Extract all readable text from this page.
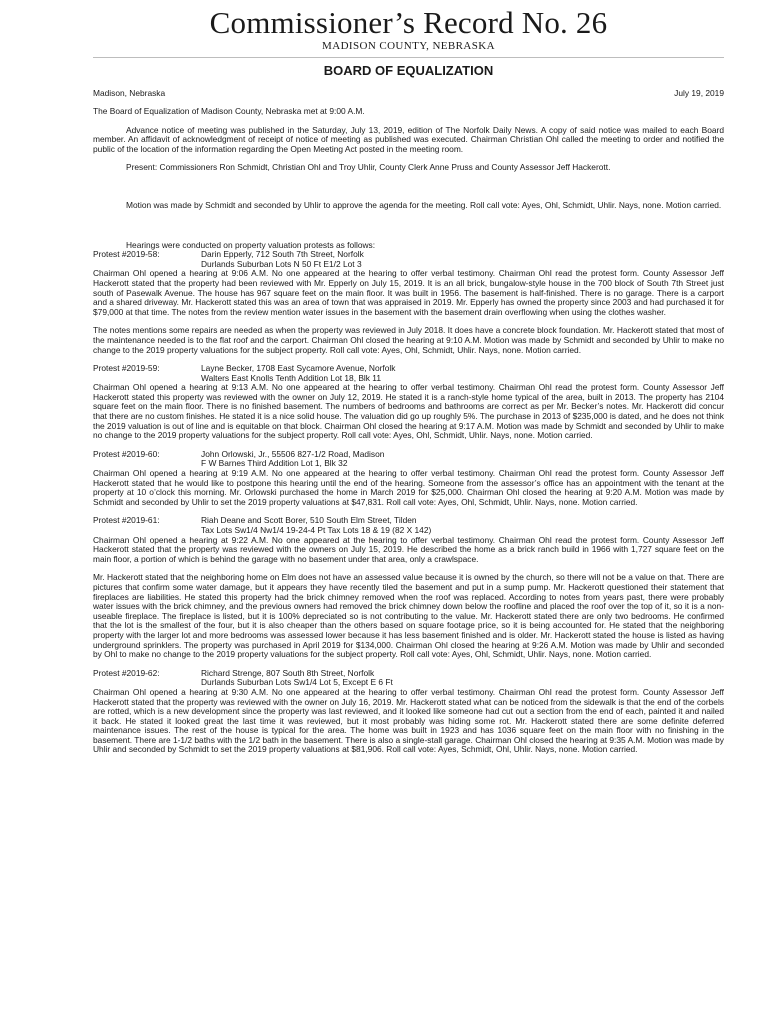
Commissioner’s Record No. 26
MADISON COUNTY, NEBRASKA
BOARD OF EQUALIZATION
Madison, Nebraska	July 19, 2019

The Board of Equalization of Madison County, Nebraska met at 9:00 A.M.

Advance notice of meeting was published in the Saturday, July 13, 2019, edition of The Norfolk Daily News. A copy of said notice was mailed to each Board member. An affidavit of acknowledgment of receipt of notice of meeting as published was executed. Chairman Christian Ohl called the meeting to order and notified the public of the location of the information regarding the Open Meeting Act posted in the meeting room.

Present: Commissioners Ron Schmidt, Christian Ohl and Troy Uhlir, County Clerk Anne Pruss and County Assessor Jeff Hackerott.

Motion was made by Schmidt and seconded by Uhlir to approve the agenda for the meeting. Roll call vote: Ayes, Ohl, Schmidt, Uhlir. Nays, none. Motion carried.

Hearings were conducted on property valuation protests as follows:
Protest #2019-58:	Darin Epperly, 712 South 7th Street, Norfolk
Durlands Suburban Lots N 50 Ft E1/2 Lot 3

Chairman Ohl opened a hearing at 9:06 A.M. No one appeared at the hearing to offer verbal testimony. Chairman Ohl read the protest form. County Assessor Jeff Hackerott stated that the property had been reviewed with Mr. Epperly on July 15, 2019. It is an all brick, bungalow-style house in the 700 block of South 7th Street just south of Pasewalk Avenue. The house has 967 square feet on the main floor. It was built in 1956. The basement is half-finished. There is no garage. There is a carport and a shared driveway. Mr. Hackerott stated this was an area of town that was appraised in 2019. Mr. Epperly has owned the property since 2003 and had purchased it for $79,000 at that time. The notes from the review mention water issues in the basement with the basement drain overflowing when using the clothes washer.

The notes mentions some repairs are needed as when the property was reviewed in July 2018. It does have a concrete block foundation. Mr. Hackerott stated that most of the maintenance needed is to the flat roof and the carport. Chairman Ohl closed the hearing at 9:10 A.M. Motion was made by Schmidt and seconded by Uhlir to make no change to the 2019 property valuations for the subject property. Roll call vote: Ayes, Ohl, Schmidt, Uhlir. Nays, none. Motion carried.

Protest #2019-59:	Layne Becker, 1708 East Sycamore Avenue, Norfolk
Walters East Knolls Tenth Addition Lot 18, Blk 11

Chairman Ohl opened a hearing at 9:13 A.M. No one appeared at the hearing to offer verbal testimony. Chairman Ohl read the protest form. County Assessor Jeff Hackerott stated this property was reviewed with the owner on July 12, 2019. He stated it is a ranch-style home typical of the area, built in 2013. The property has 2104 square feet on the main floor. There is no finished basement. The numbers of bedrooms and bathrooms are correct as per Mr. Becker’s notes. Mr. Hackerott did concur that there are no custom finishes. He stated it is a nice solid house. The valuation did go up roughly 5%. The purchase in 2013 of $235,000 is dated, and he does not think the 2019 valuation is out of line and is equitable on that block. Chairman Ohl closed the hearing at 9:17 A.M. Motion was made by Schmidt and seconded by Uhlir to make no change to the 2019 property valuations for the subject property. Roll call vote: Ayes, Ohl, Schmidt, Uhlir. Nays, none. Motion carried.

Protest #2019-60:	John Orlowski, Jr., 55506 827-1/2 Road, Madison
F W Barnes Third Addition Lot 1, Blk 32

Chairman Ohl opened a hearing at 9:19 A.M. No one appeared at the hearing to offer verbal testimony. Chairman Ohl read the protest form. County Assessor Jeff Hackerott stated that he would like to postpone this hearing until the end of the hearing. Someone from the assessor’s office has an appointment with the tenant at the property at 10 o’clock this morning. Mr. Orlowski purchased the home in March 2019 for $25,000. Chairman Ohl closed the hearing at 9:20 A.M. Motion was made by Schmidt and seconded by Uhlir to set the 2019 property valuations at $47,831. Roll call vote: Ayes, Ohl, Schmidt, Uhlir. Nays, none. Motion carried.

Protest #2019-61:	Riah Deane and Scott Borer, 510 South Elm Street, Tilden
Tax Lots Sw1/4 Nw1/4 19-24-4 Pt Tax Lots 18 & 19 (82 X 142)

Chairman Ohl opened a hearing at 9:22 A.M. No one appeared at the hearing to offer verbal testimony. Chairman Ohl read the protest form. County Assessor Jeff Hackerott stated that the property was reviewed with the owners on July 15, 2019. He described the home as a brick ranch build in 1966 with 1,727 square feet on the main floor, a portion of which is behind the garage with no basement under that area, only a crawlspace.

Mr. Hackerott stated that the neighboring home on Elm does not have an assessed value because it is owned by the church, so there will not be a value on that. There are pictures that confirm some water damage, but it appears they have recently tiled the basement and put in a sump pump. Mr. Hackerott questioned their statement that fireplaces are liabilities. He stated this property had the brick chimney removed when the roof was replaced. According to notes from years past, there were probably water issues with the brick chimney, and the previous owners had removed the brick chimney down below the roofline and placed the roof over the top of it, so it is a non-useable fireplace. The fireplace is listed, but it is 100% depreciated so is not contributing to the value. Mr. Hackerott stated there are only two bedrooms. He confirmed that the lot is the smallest of the four, but it is also cheaper than the others based on square footage price, so it is being accounted for. He stated that the neighboring property with the larger lot and more bedrooms was assessed lower because it has less basement finished and is older. Mr. Hackerott stated the house is listed as having underground sprinklers. The property was purchased in April 2019 for $134,000. Chairman Ohl closed the hearing at 9:26 A.M. Motion was made by Uhlir and seconded by Ohl to make no change to the 2019 property valuations for the subject property. Roll call vote: Ayes, Ohl, Schmidt, Uhlir. Nays, none. Motion carried.

Protest #2019-62:	Richard Strenge, 807 South 8th Street, Norfolk
Durlands Suburban Lots Sw1/4 Lot 5, Except E 6 Ft

Chairman Ohl opened a hearing at 9:30 A.M. No one appeared at the hearing to offer verbal testimony. Chairman Ohl read the protest form. County Assessor Jeff Hackerott stated that the property was reviewed with the owner on July 16, 2019. Mr. Hackerott stated what can be noticed from the sidewalk is that the end of the corbels are rotted, which is a new development since the property was last reviewed, and it looked like someone had cut out a section from the end of each, painted it and nailed it back. He stated it looked great the last time it was reviewed, but it most probably was hiding some rot. Mr. Hackerott stated there are some definite deferred maintenance issues. The rest of the house is typical for the area. The home was built in 1923 and has 1036 square feet on the main floor with no finishing in the basement. There are 1-1/2 baths with the 1/2 bath in the basement. There is also a single-stall garage. Chairman Ohl closed the hearing at 9:35 A.M. Motion was made by Uhlir and seconded by Schmidt to set the 2019 property valuations at $81,906. Roll call vote: Ayes, Schmidt, Ohl, Uhlir. Nays, none. Motion carried.
